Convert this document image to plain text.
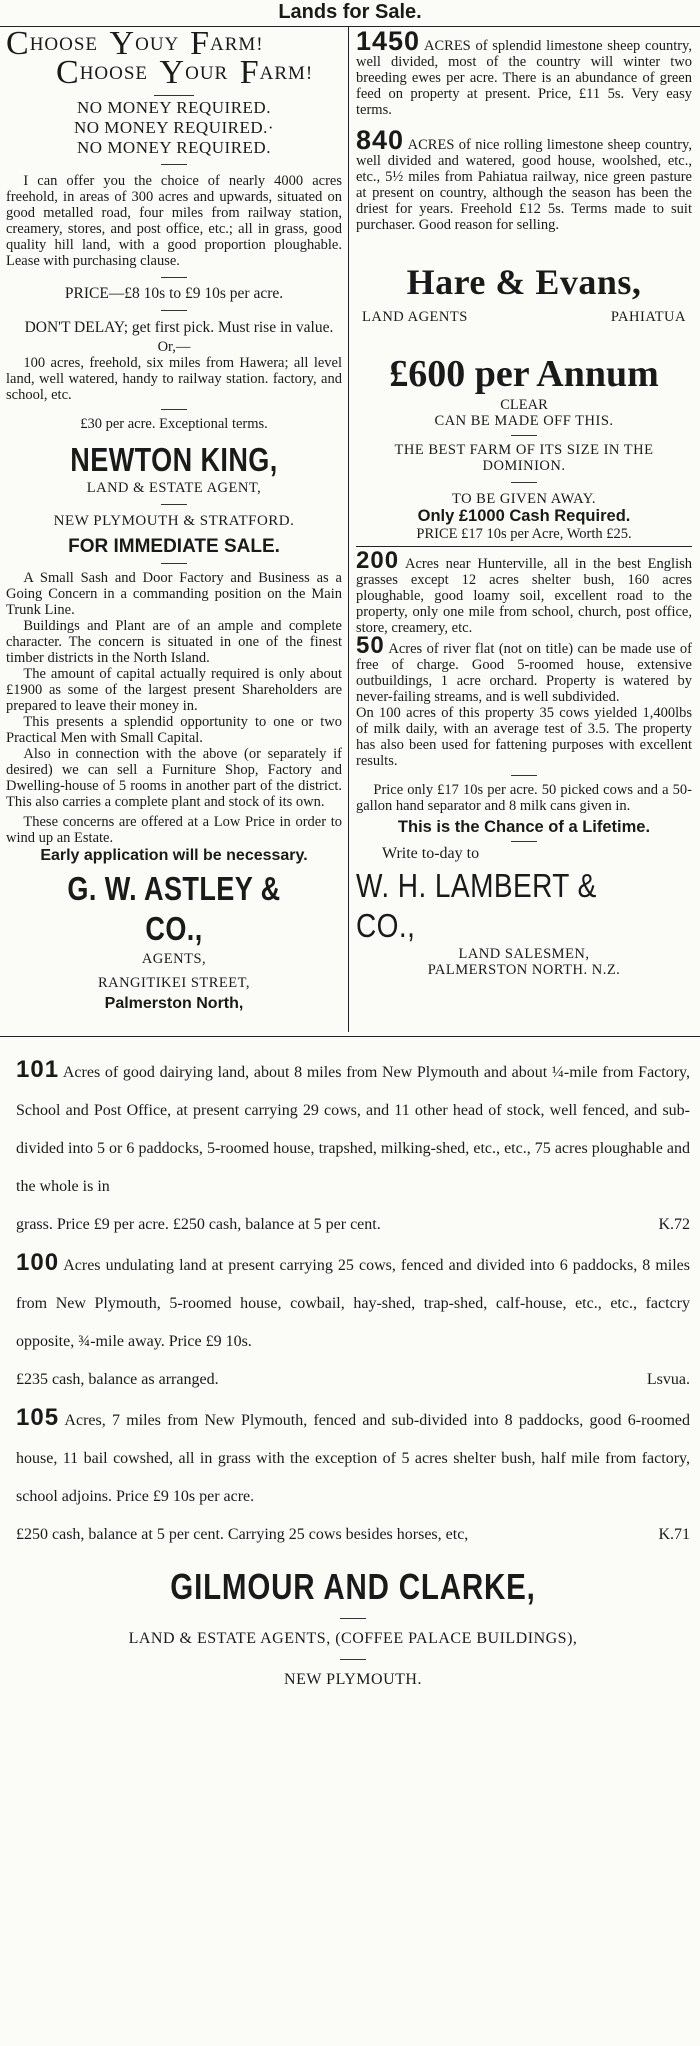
Lands for Sale.
CHOOSE YOUY FARM!
CHOOSE YOUR FARM!
NO MONEY REQUIRED.
NO MONEY REQUIRED.·
NO MONEY REQUIRED.

I can offer you the choice of nearly 4000 acres freehold, in areas of 300 acres and upwards, situated on good metalled road, four miles from railway station, creamery, stores, and post office, etc.; all in grass, good quality hill land, with a good proportion ploughable. Lease with purchasing clause.

PRICE—£8 10s to £9 10s per acre.

DON'T DELAY; get first pick. Must rise in value.

Or,—

100 acres, freehold, six miles from Hawera; all level land, well watered, handy to railway station. factory, and school, etc.

£30 per acre. Exceptional terms.

NEWTON KING,

LAND & ESTATE AGENT,

NEW PLYMOUTH & STRATFORD.

FOR IMMEDIATE SALE.

A Small Sash and Door Factory and Business as a Going Concern in a commanding position on the Main Trunk Line.

Buildings and Plant are of an ample and complete character. The concern is situated in one of the finest timber districts in the North Island.

The amount of capital actually required is only about £1900 as some of the largest present Shareholders are prepared to leave their money in.

This presents a splendid opportunity to one or two Practical Men with Small Capital.

Also in connection with the above (or separately if desired) we can sell a Furniture Shop, Factory and Dwelling-house of 5 rooms in another part of the district. This also carries a complete plant and stock of its own.

These concerns are offered at a Low Price in order to wind up an Estate.

Early application will be necessary.
G. W. ASTLEY & CO.,

AGENTS,

RANGITIKEI STREET,

Palmerston North,

1450 ACRES of splendid limestone sheep country, well divided, most of the country will winter two breeding ewes per acre. There is an abundance of green feed on property at present. Price, £11 5s. Very easy terms.

840 ACRES of nice rolling limestone sheep country, well divided and watered, good house, woolshed, etc., etc., 5½ miles from Pahiatua railway, nice green pasture at present on country, although the season has been the driest for years. Freehold £12 5s. Terms made to suit purchaser. Good reason for selling.

Hare & Evans,
LAND AGENTS	PAHIATUA
£600 per Annum

CLEAR

CAN BE MADE OFF THIS.

THE BEST FARM OF ITS SIZE IN THE DOMINION.

TO BE GIVEN AWAY.

Only £1000 Cash Required.

PRICE £17 10s per Acre, Worth £25.

200 Acres near Hunterville, all in the best English grasses except 12 acres shelter bush, 160 acres ploughable, good loamy soil, excellent road to the property, only one mile from school, church, post office, store, creamery, etc.

50 Acres of river flat (not on title) can be made use of free of charge. Good 5-roomed house, extensive outbuildings, 1 acre orchard. Property is watered by never-failing streams, and is well subdivided.

On 100 acres of this property 35 cows yielded 1,400lbs of milk daily, with an average test of 3.5. The property has also been used for fattening purposes with excellent results.

Price only £17 10s per acre. 50 picked cows and a 50-gallon hand separator and 8 milk cans given in.

This is the Chance of a Lifetime.

Write to-day to

W. H. LAMBERT & CO.,

LAND SALESMEN,

PALMERSTON NORTH. N.Z.

101 Acres of good dairying land, about 8 miles from New Plymouth and about ¼-mile from Factory, School and Post Office, at present carrying 29 cows, and 11 other head of stock, well fenced, and sub-divided into 5 or 6 paddocks, 5-roomed house, trapshed, milking-shed, etc., etc., 75 acres ploughable and the whole is in

grass. Price £9 per acre. £250 cash, balance at 5 per cent.	K.72

100 Acres undulating land at present carrying 25 cows, fenced and divided into 6 paddocks, 8 miles from New Plymouth, 5-roomed house, cowbail, hay-shed, trap-shed, calf-house, etc., etc., factcry opposite, ¾-mile away. Price £9 10s.

£235 cash, balance as arranged.	Lsvua.

105 Acres, 7 miles from New Plymouth, fenced and sub-divided into 8 paddocks, good 6-roomed house, 11 bail cowshed, all in grass with the exception of 5 acres shelter bush, half mile from factory, school adjoins. Price £9 10s per acre.

£250 cash, balance at 5 per cent. Carrying 25 cows besides horses, etc,	K.71
GILMOUR AND CLARKE,

LAND & ESTATE AGENTS, (COFFEE PALACE BUILDINGS),

NEW PLYMOUTH.
